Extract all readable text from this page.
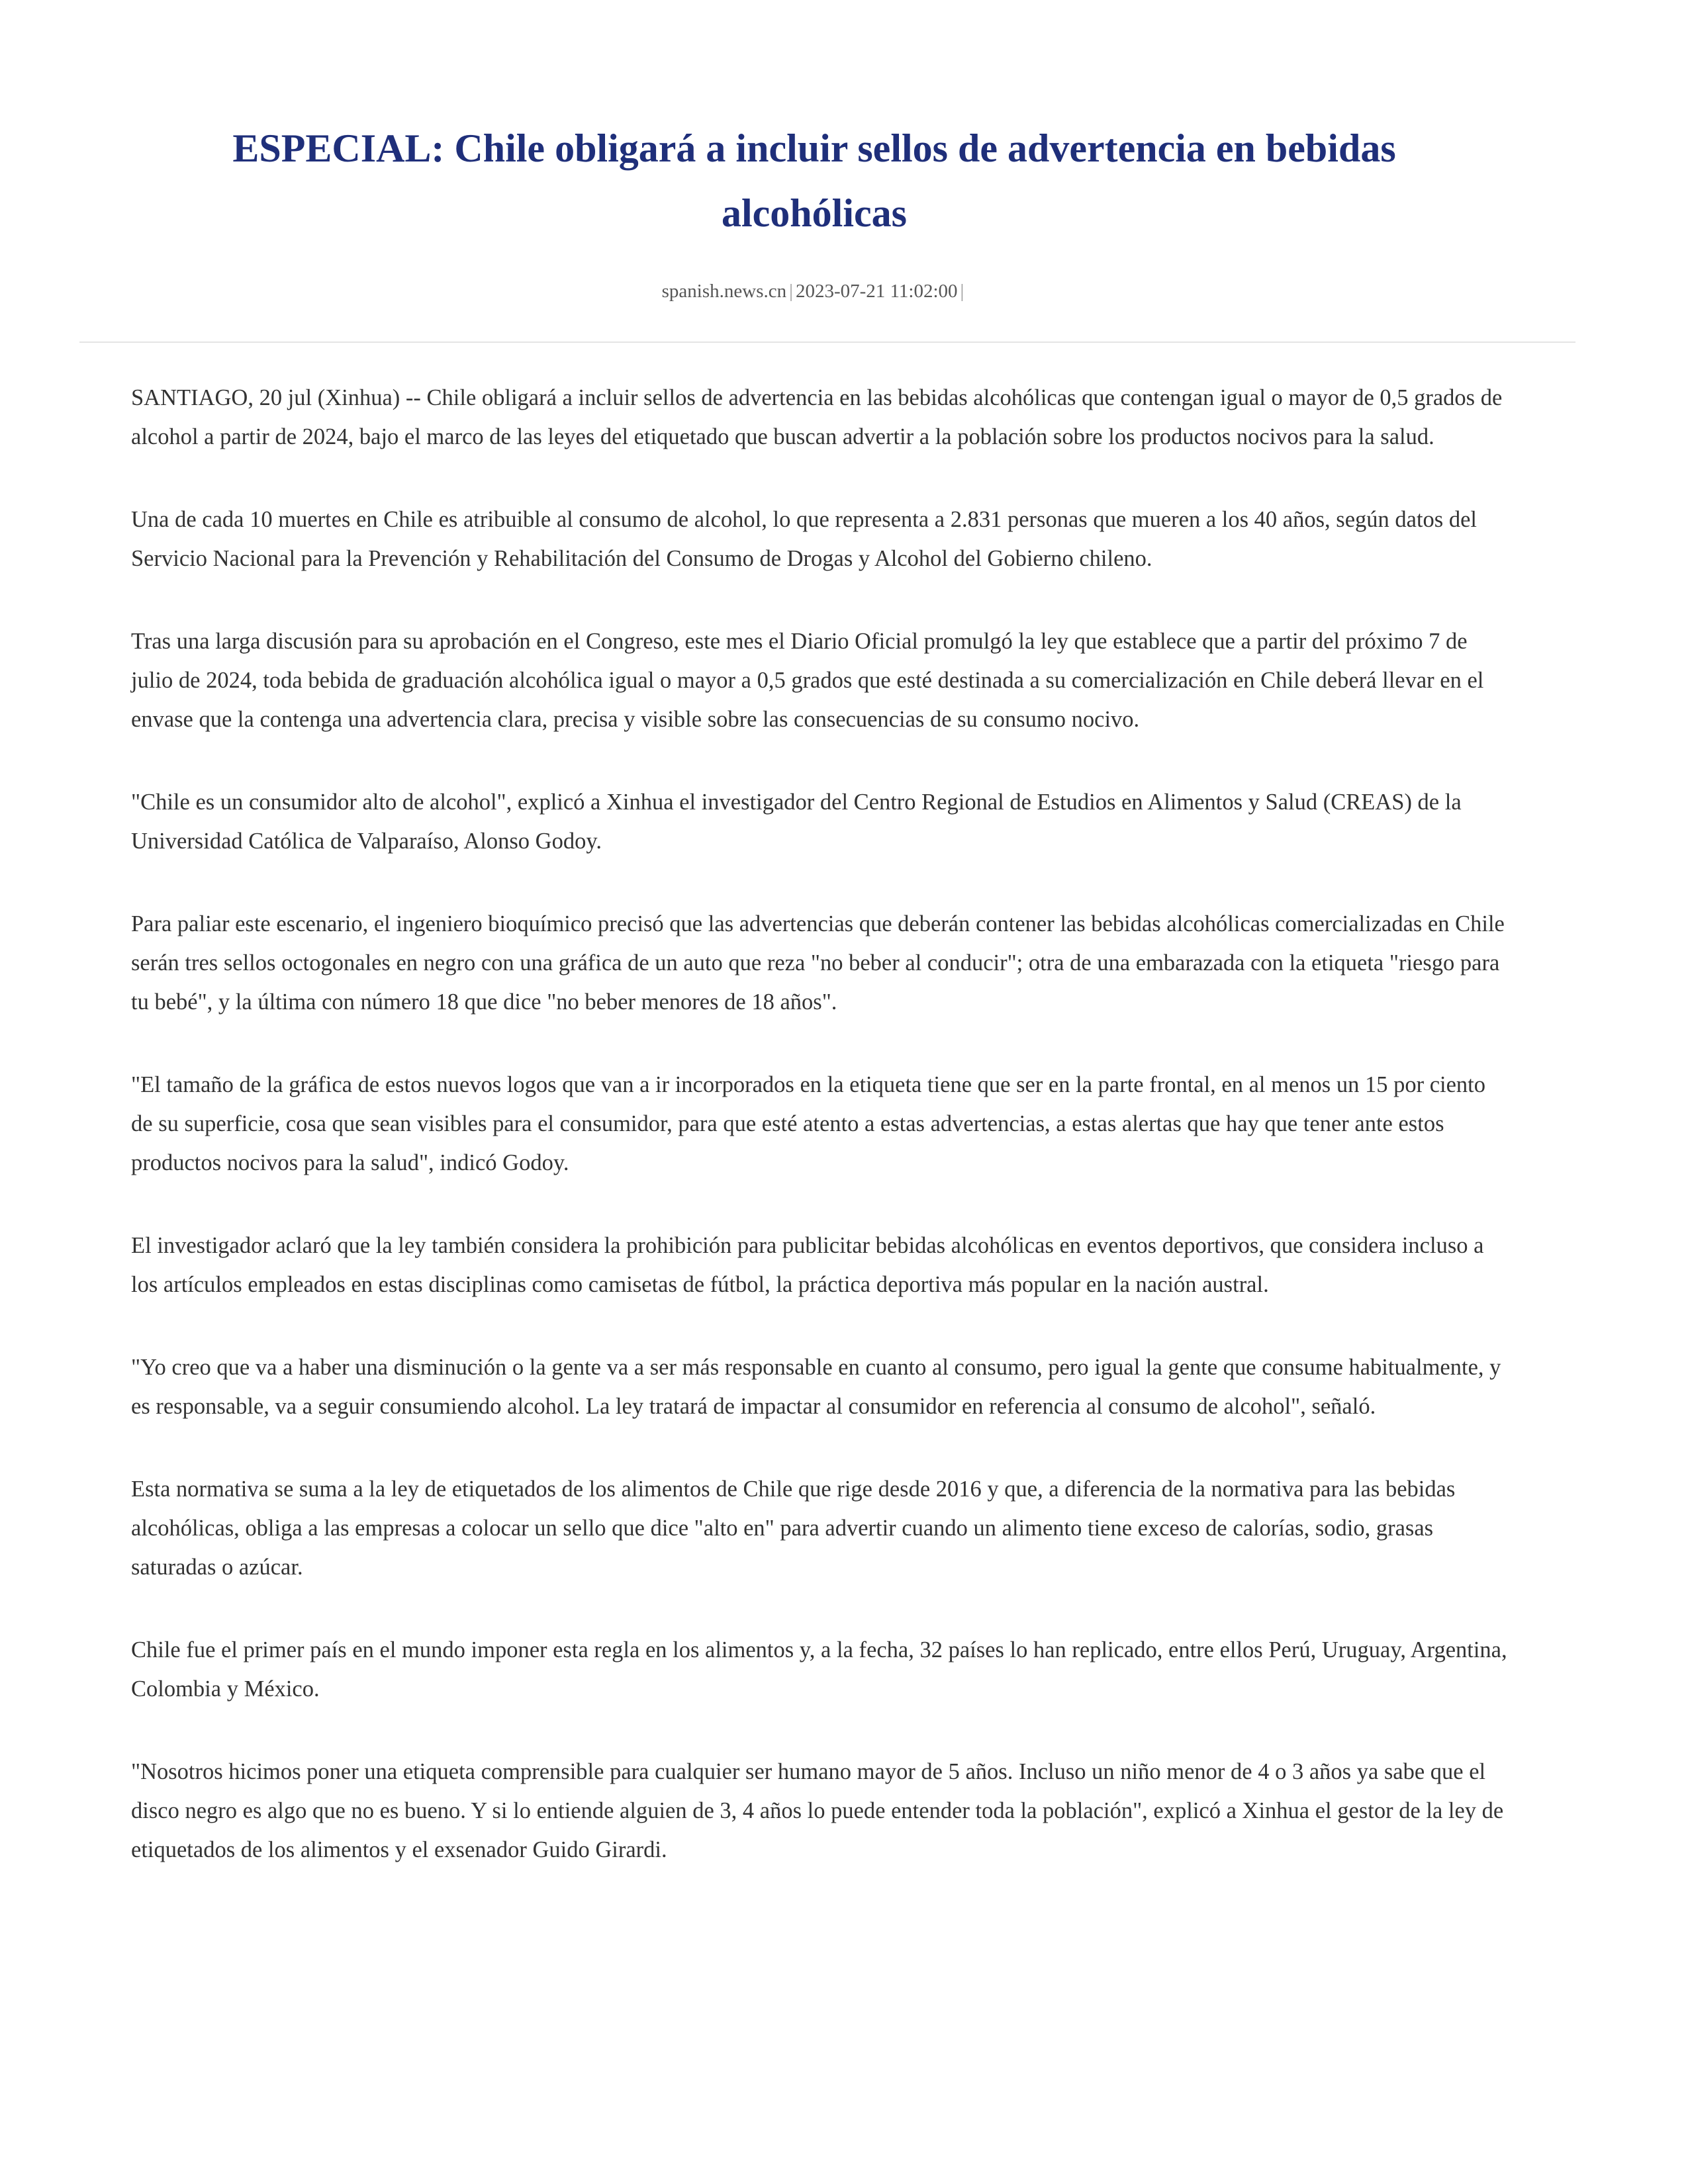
ESPECIAL: Chile obligará a incluir sellos de advertencia en bebidas alcohólicas
spanish.news.cn | 2023-07-21 11:02:00 |

SANTIAGO, 20 jul (Xinhua) -- Chile obligará a incluir sellos de advertencia en las bebidas alcohólicas que contengan igual o mayor de 0,5 grados de alcohol a partir de 2024, bajo el marco de las leyes del etiquetado que buscan advertir a la población sobre los productos nocivos para la salud.

Una de cada 10 muertes en Chile es atribuible al consumo de alcohol, lo que representa a 2.831 personas que mueren a los 40 años, según datos del Servicio Nacional para la Prevención y Rehabilitación del Consumo de Drogas y Alcohol del Gobierno chileno.

Tras una larga discusión para su aprobación en el Congreso, este mes el Diario Oficial promulgó la ley que establece que a partir del próximo 7 de julio de 2024, toda bebida de graduación alcohólica igual o mayor a 0,5 grados que esté destinada a su comercialización en Chile deberá llevar en el envase que la contenga una advertencia clara, precisa y visible sobre las consecuencias de su consumo nocivo.

"Chile es un consumidor alto de alcohol", explicó a Xinhua el investigador del Centro Regional de Estudios en Alimentos y Salud (CREAS) de la Universidad Católica de Valparaíso, Alonso Godoy.

Para paliar este escenario, el ingeniero bioquímico precisó que las advertencias que deberán contener las bebidas alcohólicas comercializadas en Chile serán tres sellos octogonales en negro con una gráfica de un auto que reza "no beber al conducir"; otra de una embarazada con la etiqueta "riesgo para tu bebé", y la última con número 18 que dice "no beber menores de 18 años".

"El tamaño de la gráfica de estos nuevos logos que van a ir incorporados en la etiqueta tiene que ser en la parte frontal, en al menos un 15 por ciento de su superficie, cosa que sean visibles para el consumidor, para que esté atento a estas advertencias, a estas alertas que hay que tener ante estos productos nocivos para la salud", indicó Godoy.

El investigador aclaró que la ley también considera la prohibición para publicitar bebidas alcohólicas en eventos deportivos, que considera incluso a los artículos empleados en estas disciplinas como camisetas de fútbol, la práctica deportiva más popular en la nación austral.

"Yo creo que va a haber una disminución o la gente va a ser más responsable en cuanto al consumo, pero igual la gente que consume habitualmente, y es responsable, va a seguir consumiendo alcohol. La ley tratará de impactar al consumidor en referencia al consumo de alcohol", señaló.

Esta normativa se suma a la ley de etiquetados de los alimentos de Chile que rige desde 2016 y que, a diferencia de la normativa para las bebidas alcohólicas, obliga a las empresas a colocar un sello que dice "alto en" para advertir cuando un alimento tiene exceso de calorías, sodio, grasas saturadas o azúcar.

Chile fue el primer país en el mundo imponer esta regla en los alimentos y, a la fecha, 32 países lo han replicado, entre ellos Perú, Uruguay, Argentina, Colombia y México.

"Nosotros hicimos poner una etiqueta comprensible para cualquier ser humano mayor de 5 años. Incluso un niño menor de 4 o 3 años ya sabe que el disco negro es algo que no es bueno. Y si lo entiende alguien de 3, 4 años lo puede entender toda la población", explicó a Xinhua el gestor de la ley de etiquetados de los alimentos y el exsenador Guido Girardi.
